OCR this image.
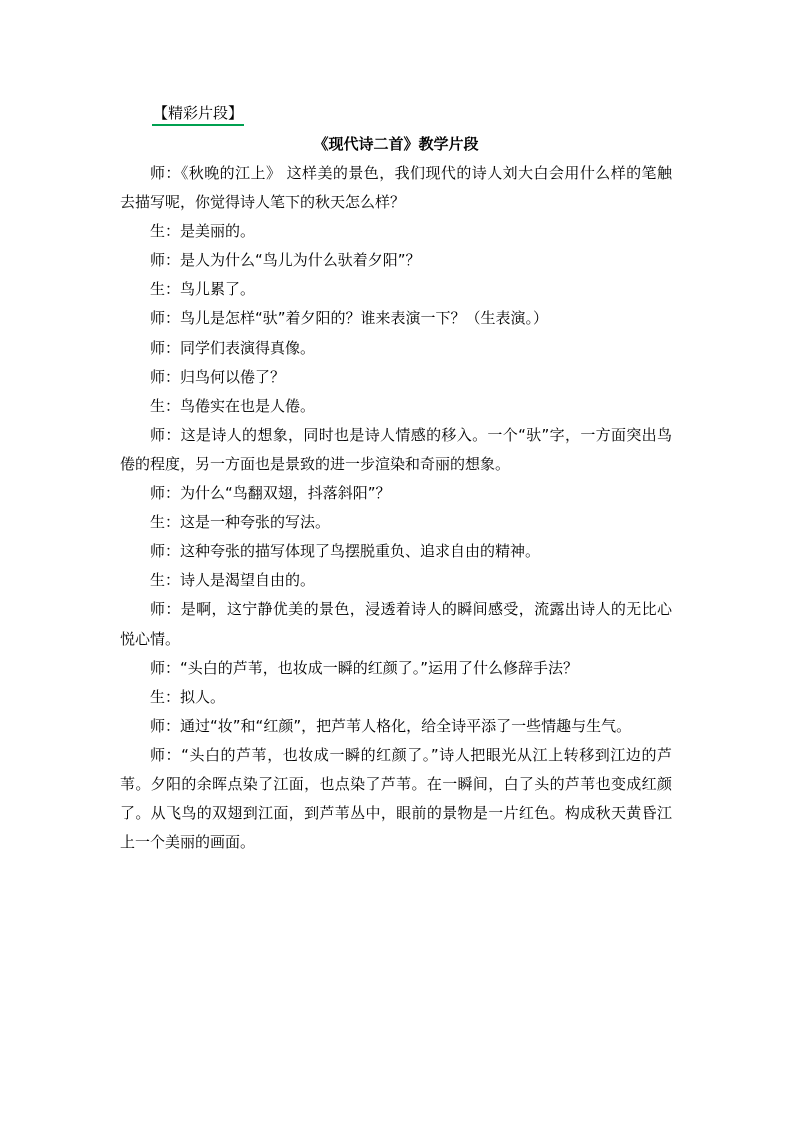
【精彩片段】
《现代诗二首》教学片段

师：《秋晚的江上》 这样美的景色，我们现代的诗人刘大白会用什么样的笔触去描写呢，你觉得诗人笔下的秋天怎么样？

生：是美丽的。

师：是人为什么“鸟儿为什么驮着夕阳”？

生：鸟儿累了。

师：鸟儿是怎样“驮”着夕阳的？谁来表演一下？（生表演。）

师：同学们表演得真像。

师：归鸟何以倦了？

生：鸟倦实在也是人倦。

师：这是诗人的想象，同时也是诗人情感的移入。一个“驮”字，一方面突出鸟倦的程度，另一方面也是景致的进一步渲染和奇丽的想象。

师：为什么“鸟翻双翅，抖落斜阳”？

生：这是一种夸张的写法。

师：这种夸张的描写体现了鸟摆脱重负、追求自由的精神。

生：诗人是渴望自由的。

师：是啊，这宁静优美的景色，浸透着诗人的瞬间感受，流露出诗人的无比心悦心情。

师：“头白的芦苇，也妆成一瞬的红颜了。”运用了什么修辞手法？

生：拟人。

师：通过“妆”和“红颜”，把芦苇人格化，给全诗平添了一些情趣与生气。

师：“头白的芦苇，也妆成一瞬的红颜了。”诗人把眼光从江上转移到江边的芦苇。夕阳的余晖点染了江面，也点染了芦苇。在一瞬间，白了头的芦苇也变成红颜了。从飞鸟的双翅到江面，到芦苇丛中，眼前的景物是一片红色。构成秋天黄昏江上一个美丽的画面。
